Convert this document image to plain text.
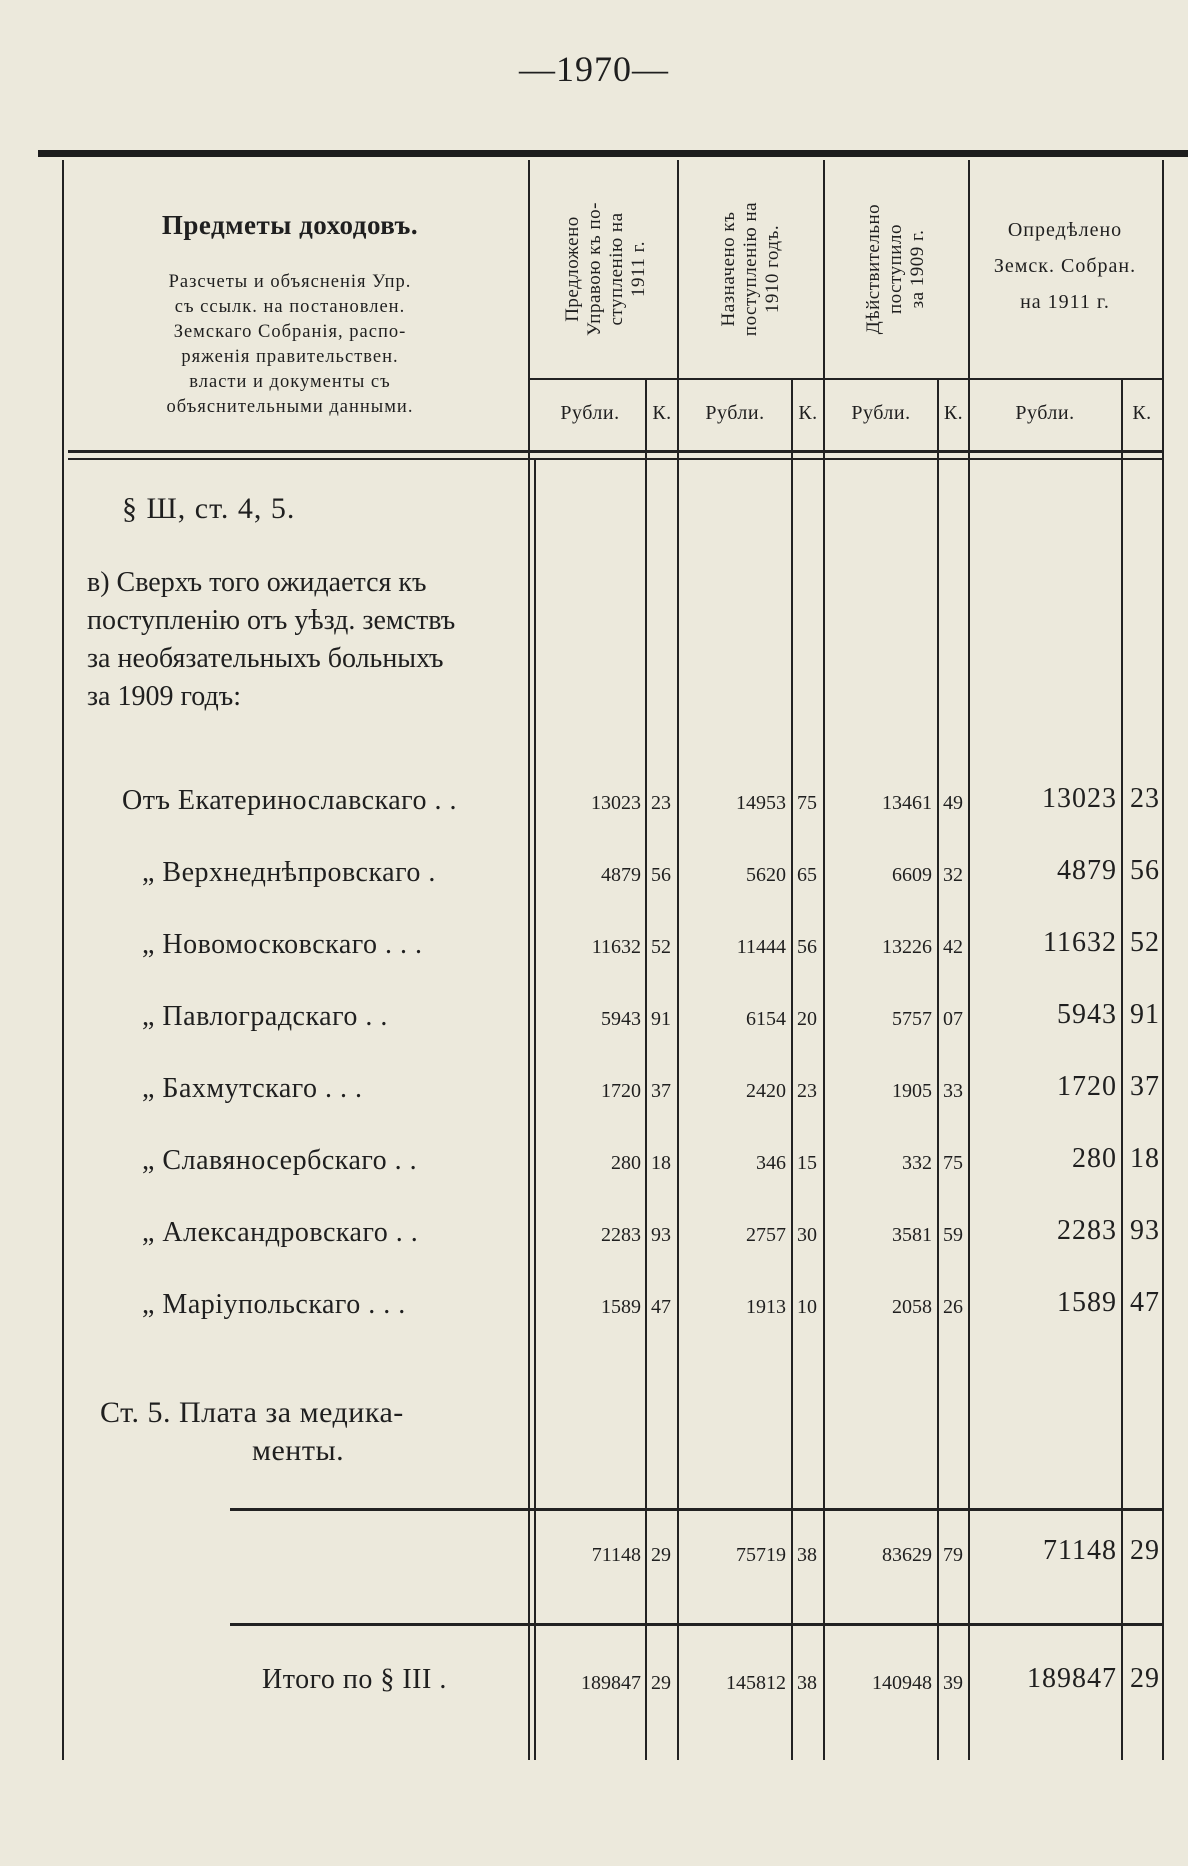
—1970—
Предметы доходовъ.
Разсчеты и объясненія Упр.
съ ссылк. на постановлен.
Земскаго Собранія, распо-
ряженія правительствен.
власти и документы съ
объяснительными данными.
Предложено Управою къ по- ступленію на 1911 г.	Назначено къ поступленію на 1910 годъ.	Дѣйствительно поступило за 1909 г.	Опредѣлено
Земск. Собран.
на 1911 г.
Рубли.	К.	Рубли.	К.	Рубли.	К.	Рубли.	К.
§ Ш, ст. 4, 5.
в) Сверхъ того ожидается къ
поступленію отъ уѣзд. земствъ
за необязательныхъ больныхъ
за 1909 годъ:
Отъ Екатеринославскаго . .	13023 23	14953 75	13461 49	13023 23
„ Верхнеднѣпровскаго .	4879 56	5620 65	6609 32	4879 56
„ Новомосковскаго . . .	11632 52	11444 56	13226 42	11632 52
„ Павлоградскаго . .	5943 91	6154 20	5757 07	5943 91
„ Бахмутскаго . . .	1720 37	2420 23	1905 33	1720 37
„ Славяносербскаго . .	280 18	346 15	332 75	280 18
„ Александровскаго . .	2283 93	2757 30	3581 59	2283 93
„ Маріупольскаго . . .	1589 47	1913 10	2058 26	1589 47
Ст. 5. Плата за медика-
менты.
71148 29	75719 38	83629 79	71148 29
Итого по § III .	189847 29	145812 38	140948 39	189847 29
